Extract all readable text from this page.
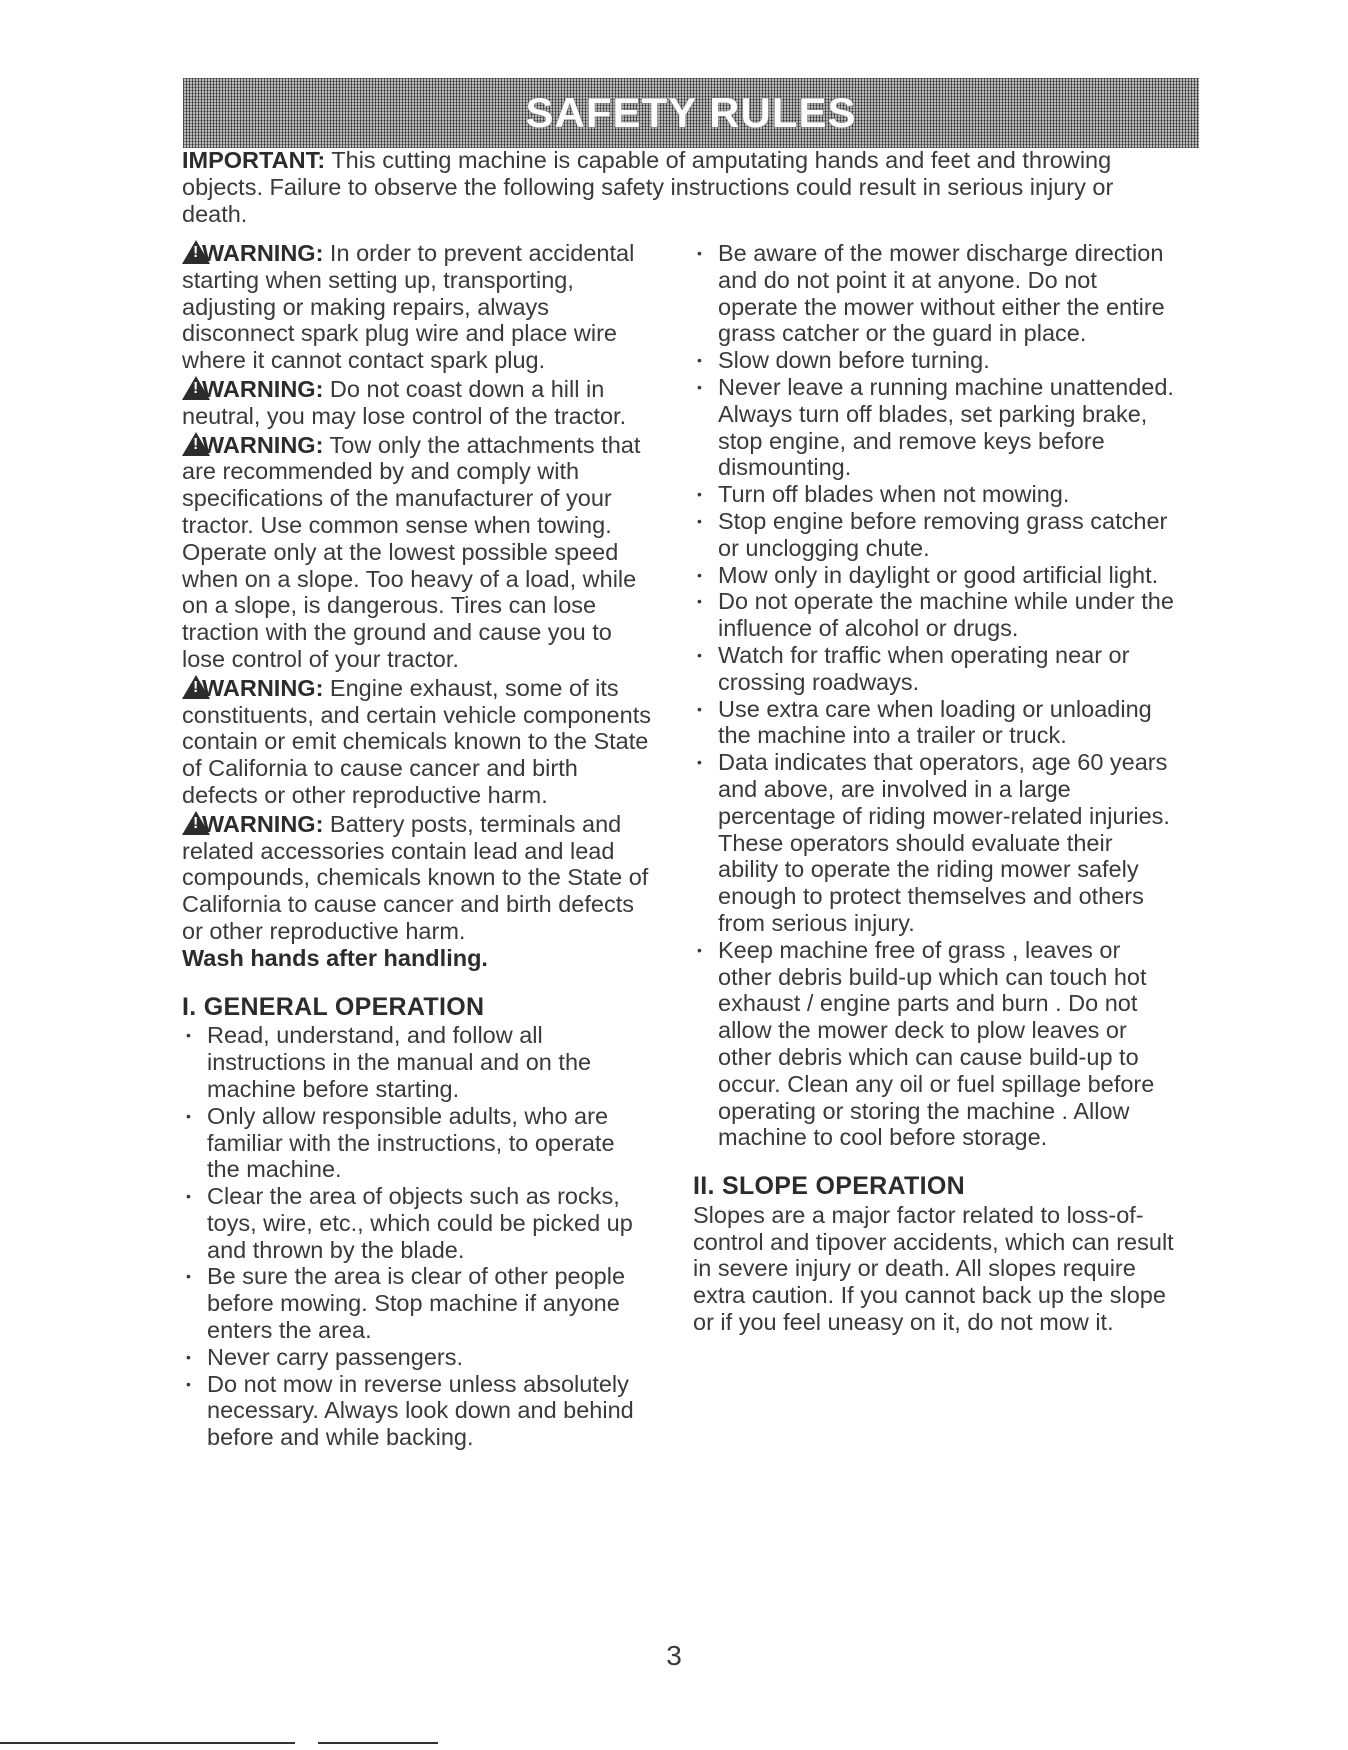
SAFETY RULES
IMPORTANT: This cutting machine is capable of amputating hands and feet and throwing objects. Failure to observe the following safety instructions could result in serious injury or death.
!WARNING: In order to prevent accidental starting when setting up, transporting, adjusting or making repairs, always disconnect spark plug wire and place wire where it cannot contact spark plug.
!WARNING: Do not coast down a hill in neutral, you may lose control of the tractor.
!WARNING: Tow only the attachments that are recommended by and comply with specifications of the manufacturer of your tractor. Use common sense when towing. Operate only at the lowest possible speed when on a slope. Too heavy of a load, while on a slope, is dangerous. Tires can lose traction with the ground and cause you to lose control of your tractor.
!WARNING: Engine exhaust, some of its constituents, and certain vehicle components contain or emit chemicals known to the State of California to cause cancer and birth defects or other reproductive harm.
!WARNING: Battery posts, terminals and related accessories contain lead and lead compounds, chemicals known to the State of California to cause cancer and birth defects or other reproductive harm.
Wash hands after handling.
I. GENERAL OPERATION
• Read, understand, and follow all instructions in the manual and on the machine before starting.
• Only allow responsible adults, who are familiar with the instructions, to operate the machine.
• Clear the area of objects such as rocks, toys, wire, etc., which could be picked up and thrown by the blade.
• Be sure the area is clear of other people before mowing. Stop machine if anyone enters the area.
• Never carry passengers.
• Do not mow in reverse unless absolutely necessary. Always look down and behind before and while backing.
• Be aware of the mower discharge direction and do not point it at anyone. Do not operate the mower without either the entire grass catcher or the guard in place.
• Slow down before turning.
• Never leave a running machine unattended. Always turn off blades, set parking brake, stop engine, and remove keys before dismounting.
• Turn off blades when not mowing.
• Stop engine before removing grass catcher or unclogging chute.
• Mow only in daylight or good artificial light.
• Do not operate the machine while under the influence of alcohol or drugs.
• Watch for traffic when operating near or crossing roadways.
• Use extra care when loading or unloading the machine into a trailer or truck.
• Data indicates that operators, age 60 years and above, are involved in a large percentage of riding mower-related injuries. These operators should evaluate their ability to operate the riding mower safely enough to protect themselves and others from serious injury.
• Keep machine free of grass , leaves or other debris build-up which can touch hot exhaust / engine parts and burn . Do not allow the mower deck to plow leaves or other debris which can cause build-up to occur. Clean any oil or fuel spillage before operating or storing the machine . Allow machine to cool before storage.
II. SLOPE OPERATION
Slopes are a major factor related to loss-of-control and tipover accidents, which can result in severe injury or death. All slopes require extra caution. If you cannot back up the slope or if you feel uneasy on it, do not mow it.
3
